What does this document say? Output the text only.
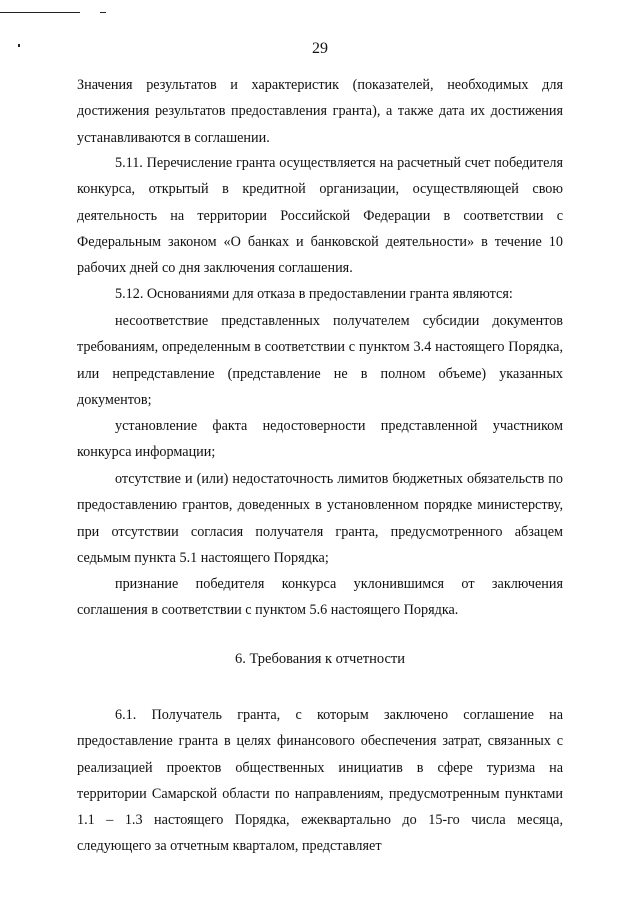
29

Значения результатов и характеристик (показателей, необходимых для достижения результатов предоставления гранта), а также дата их достижения устанавливаются в соглашении.

5.11. Перечисление гранта осуществляется на расчетный счет победителя конкурса, открытый в кредитной организации, осуществляющей свою деятельность на территории Российской Федерации в соответствии с Федеральным законом «О банках и банковской деятельности» в течение 10 рабочих дней со дня заключения соглашения.

5.12. Основаниями для отказа в предоставлении гранта являются:

несоответствие представленных получателем субсидии документов требованиям, определенным в соответствии с пунктом 3.4 настоящего Порядка, или непредставление (представление не в полном объеме) указанных документов;

установление факта недостоверности представленной участником конкурса информации;

отсутствие и (или) недостаточность лимитов бюджетных обязательств по предоставлению грантов, доведенных в установленном порядке министерству, при отсутствии согласия получателя гранта, предусмотренного абзацем седьмым пункта 5.1 настоящего Порядка;

признание победителя конкурса уклонившимся от заключения соглашения в соответствии с пунктом 5.6 настоящего Порядка.

6. Требования к отчетности

6.1. Получатель гранта, с которым заключено соглашение на предоставление гранта в целях финансового обеспечения затрат, связанных с реализацией проектов общественных инициатив в сфере туризма на территории Самарской области по направлениям, предусмотренным пунктами 1.1 – 1.3 настоящего Порядка, ежеквартально до 15-го числа месяца, следующего за отчетным кварталом, представляет
